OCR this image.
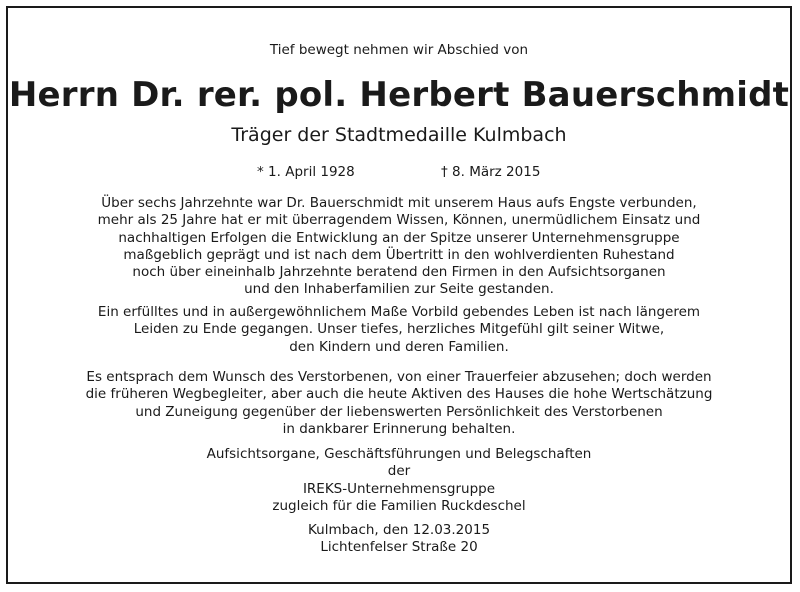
Tief bewegt nehmen wir Abschied von
Herrn Dr. rer. pol. Herbert Bauerschmidt
Träger der Stadtmedaille Kulmbach
* 1. April 1928	† 8. März 2015

Über sechs Jahrzehnte war Dr. Bauerschmidt mit unserem Haus aufs Engste verbunden,
mehr als 25 Jahre hat er mit überragendem Wissen, Können, unermüdlichem Einsatz und
nachhaltigen Erfolgen die Entwicklung an der Spitze unserer Unternehmensgruppe
maßgeblich geprägt und ist nach dem Übertritt in den wohlverdienten Ruhestand
noch über eineinhalb Jahrzehnte beratend den Firmen in den Aufsichtsorganen
und den Inhaberfamilien zur Seite gestanden.

Ein erfülltes und in außergewöhnlichem Maße Vorbild gebendes Leben ist nach längerem
Leiden zu Ende gegangen. Unser tiefes, herzliches Mitgefühl gilt seiner Witwe,
den Kindern und deren Familien.

Es entsprach dem Wunsch des Verstorbenen, von einer Trauerfeier abzusehen; doch werden
die früheren Wegbegleiter, aber auch die heute Aktiven des Hauses die hohe Wertschätzung
und Zuneigung gegenüber der liebenswerten Persönlichkeit des Verstorbenen
in dankbarer Erinnerung behalten.

Aufsichtsorgane, Geschäftsführungen und Belegschaften
der
IREKS-Unternehmensgruppe
zugleich für die Familien Ruckdeschel

Kulmbach, den 12.03.2015
Lichtenfelser Straße 20
